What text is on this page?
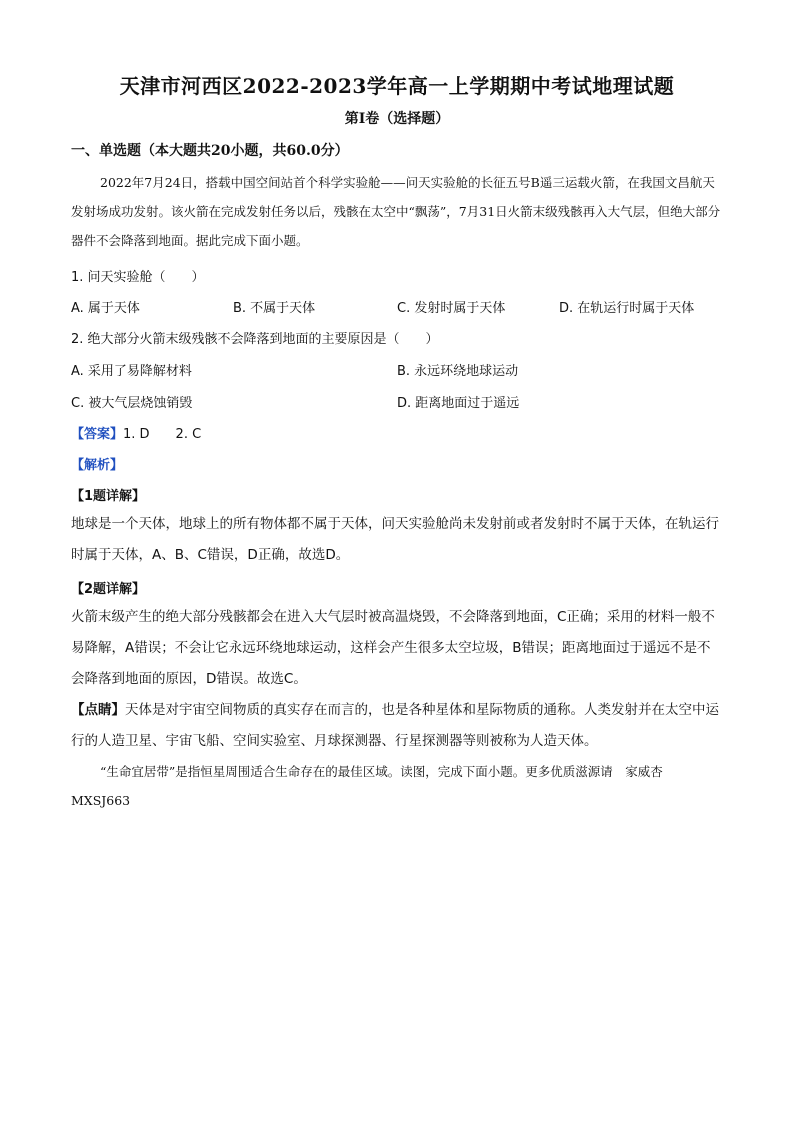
天津市河西区2022-2023学年高一上学期期中考试地理试题
第I卷（选择题）
一、单选题（本大题共20小题，共60.0分）
2022年7月24日，搭载中国空间站首个科学实验舱——问天实验舱的长征五号B遥三运载火箭，在我国文昌航天发射场成功发射。该火箭在完成发射任务以后，残骸在太空中“飘荡”，7月31日火箭末级残骸再入大气层，但绝大部分器件不会降落到地面。据此完成下面小题。
1. 问天实验舱（　　）
A. 属于天体	B. 不属于天体	C. 发射时属于天体	D. 在轨运行时属于天体
2. 绝大部分火箭末级残骸不会降落到地面的主要原因是（　　）
A. 采用了易降解材料	B. 永远环绕地球运动
C. 被大气层烧蚀销毁	D. 距离地面过于遥远
【答案】1. D　　2. C
【解析】
【1题详解】
地球是一个天体，地球上的所有物体都不属于天体，问天实验舱尚未发射前或者发射时不属于天体，在轨运行时属于天体，A、B、C错误，D正确，故选D。
【2题详解】
火箭末级产生的绝大部分残骸都会在进入大气层时被高温烧毁，不会降落到地面，C正确；采用的材料一般不易降解，A错误；不会让它永远环绕地球运动，这样会产生很多太空垃圾，B错误；距离地面过于遥远不是不会降落到地面的原因，D错误。故选C。
【点睛】天体是对宇宙空间物质的真实存在而言的，也是各种星体和星际物质的通称。人类发射并在太空中运行的人造卫星、宇宙飞船、空间实验室、月球探测器、行星探测器等则被称为人造天体。
“生命宜居带”是指恒星周围适合生命存在的最佳区域。读图，完成下面小题。更多优质滋源请　家威杏　　MXSJ663
